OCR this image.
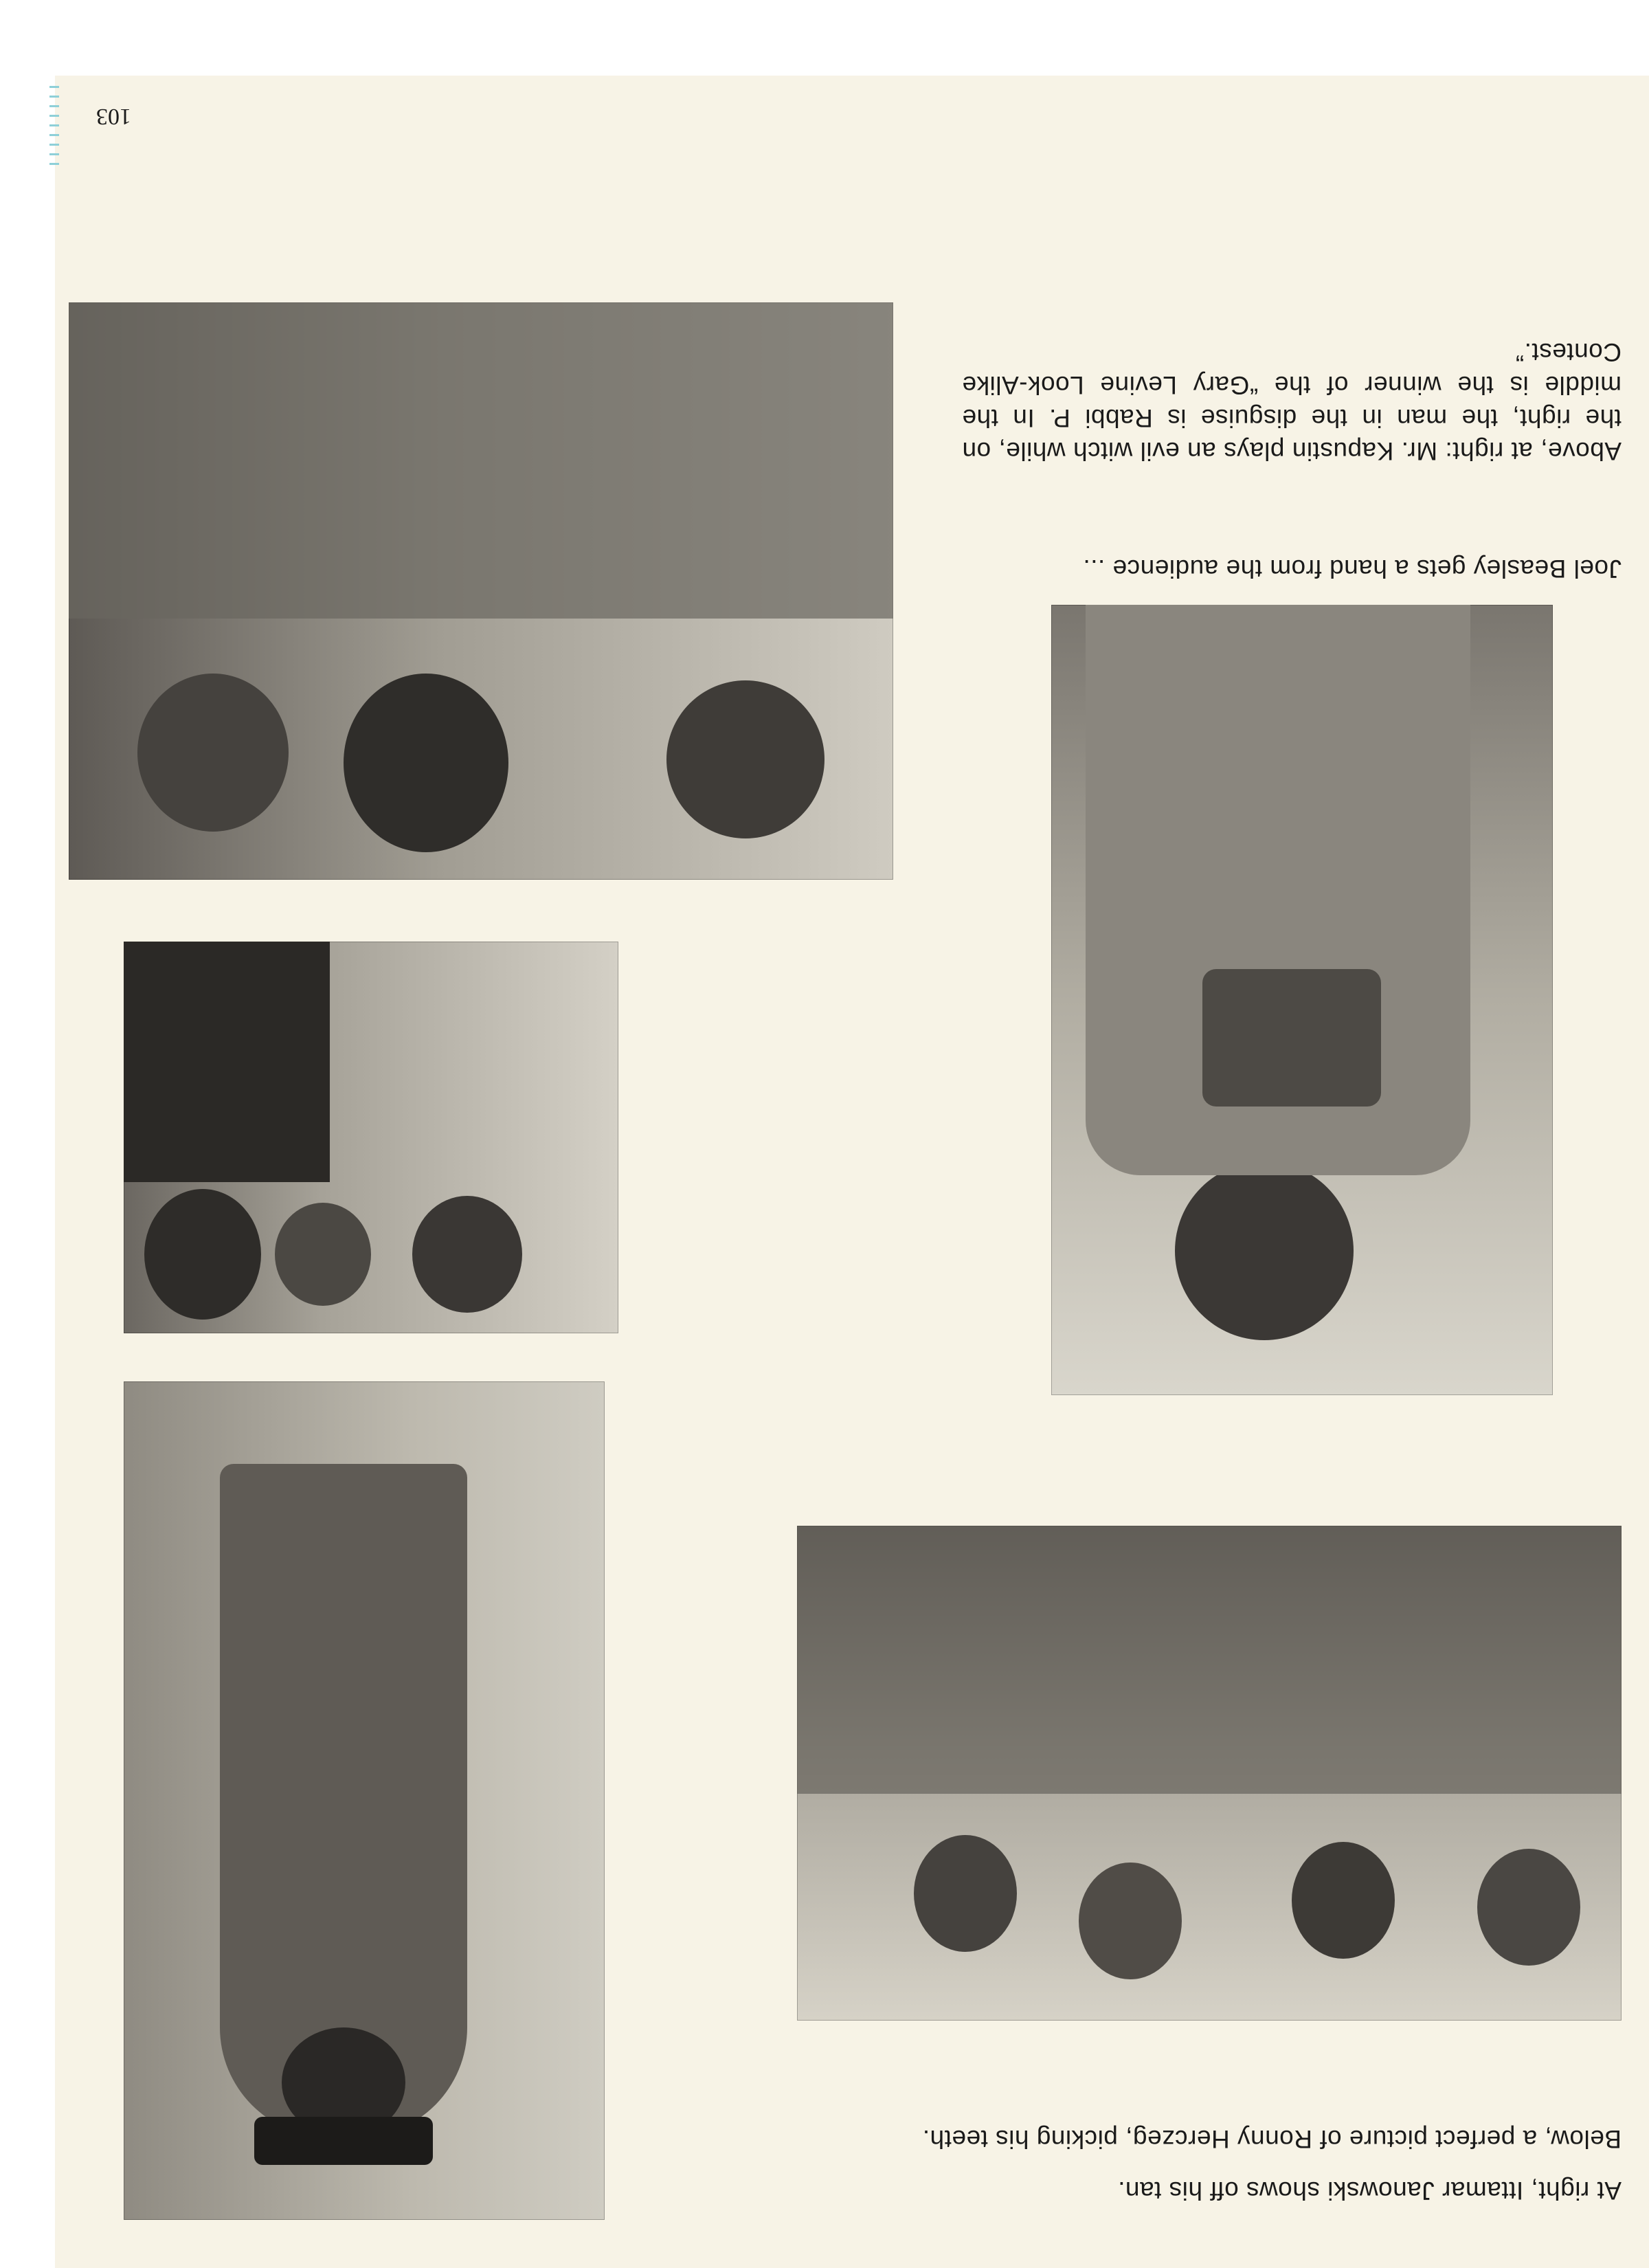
At right, Ittamar Janowski shows off his tan.
Below, a perfect picture of Ronny Herczeg, picking his teeth.
Joel Beasley gets a hand from the audience ...
Above, at right: Mr. Kapustin plays an evil witch while, on the right, the man in the disguise is Rabbi P. In the middle is the winner of the “Gary Levine Look-Alike Contest.”
103
